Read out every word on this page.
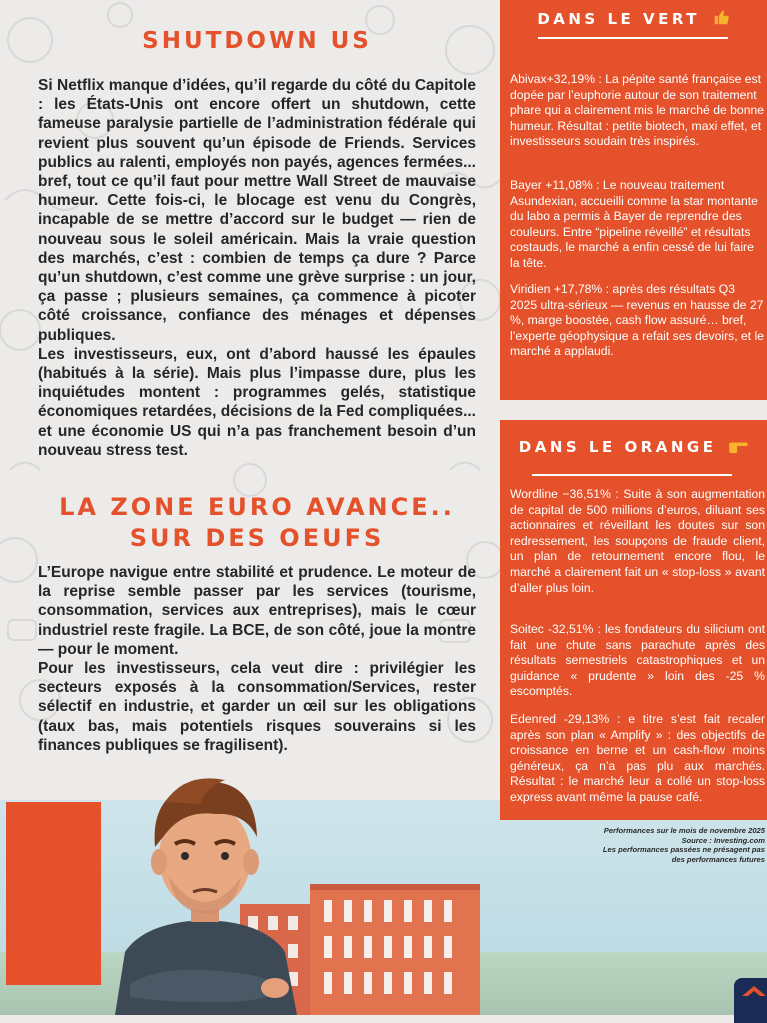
SHUTDOWN US

Si Netflix manque d’idées, qu’il regarde du côté du Capitole : les États-Unis ont encore offert un shutdown, cette fameuse paralysie partielle de l’administration fédérale qui revient plus souvent qu’un épisode de Friends. Services publics au ralenti, employés non payés, agences fermées... bref, tout ce qu’il faut pour mettre Wall Street de mauvaise humeur. Cette fois-ci, le blocage est venu du Congrès, incapable de se mettre d’accord sur le budget — rien de nouveau sous le soleil américain. Mais la vraie question des marchés, c’est : combien de temps ça dure ? Parce qu’un shutdown, c’est comme une grève surprise : un jour, ça passe ; plusieurs semaines, ça commence à picoter côté croissance, confiance des ménages et dépenses publiques.

Les investisseurs, eux, ont d’abord haussé les épaules (habitués à la série). Mais plus l’impasse dure, plus les inquiétudes montent : programmes gelés, statistique économiques retardées, décisions de la Fed compliquées... et une économie US qui n’a pas franchement besoin d’un nouveau stress test.

LA ZONE EURO AVANCE..
SUR DES OEUFS

L’Europe navigue entre stabilité et prudence. Le moteur de la reprise semble passer par les services (tourisme, consommation, services aux entreprises), mais le cœur industriel reste fragile. La BCE, de son côté, joue la montre — pour le moment.

Pour les investisseurs, cela veut dire : privilégier les secteurs exposés à la consommation/Services, rester sélectif en industrie, et garder un œil sur les obligations (taux bas, mais potentiels risques souverains si les finances publiques se fragilisent).

DANS LE VERT

Abivax+32,19% : La pépite santé française est dopée par l’euphorie autour de son traitement phare qui a clairement mis le marché de bonne humeur. Résultat : petite biotech, maxi effet, et investisseurs soudain très inspirés.

Bayer +11,08% : Le nouveau traitement Asundexian, accueilli comme la star montante du labo a permis à Bayer de reprendre des couleurs. Entre “pipeline réveillé” et résultats costauds, le marché a enfin cessé de lui faire la tête.

Viridien +17,78% : après des résultats Q3 2025 ultra-sérieux — revenus en hausse de 27 %, marge boostée, cash flow assuré… bref, l’experte géophysique a refait ses devoirs, et le marché a applaudi.

DANS LE ORANGE

Wordline −36,51% : Suite à son augmentation de capital de 500 millions d’euros, diluant ses actionnaires et réveillant les doutes sur son redressement, les soupçons de fraude client, un plan de retournement encore flou, le marché a clairement fait un « stop-loss » avant d’aller plus loin.

Soitec -32,51% : les fondateurs du silicium ont fait une chute sans parachute après des résultats semestriels catastrophiques et un guidance « prudente » loin des -25 % escomptés.

Edenred -29,13% : e titre s’est fait recaler après son plan « Amplify » : des objectifs de croissance en berne et un cash-flow moins généreux, ça n’a pas plu aux marchés. Résultat : le marché leur a collé un stop-loss express avant même la pause café.

Performances sur le mois de novembre 2025
Source : Investing.com
Les performances passées ne présagent pas
des performances futures
